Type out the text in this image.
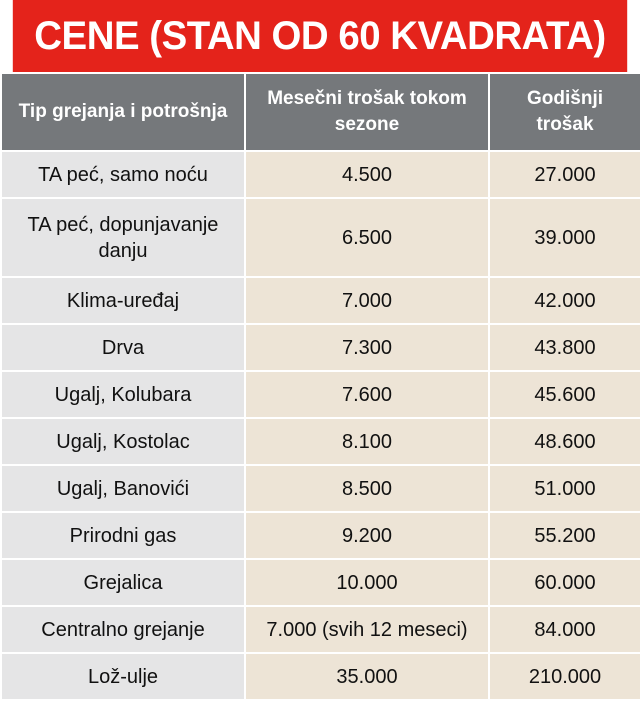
CENE (STAN OD 60 KVADRATA)
Tip grejanja i potrošnja	Mesečni trošak tokom sezone	Godišnji trošak
TA peć, samo noću	4.500	27.000
TA peć, dopunjavanje danju	6.500	39.000
Klima-uređaj	7.000	42.000
Drva	7.300	43.800
Ugalj, Kolubara	7.600	45.600
Ugalj, Kostolac	8.100	48.600
Ugalj, Banovići	8.500	51.000
Prirodni gas	9.200	55.200
Grejalica	10.000	60.000
Centralno grejanje	7.000 (svih 12 meseci)	84.000
Lož-ulje	35.000	210.000
